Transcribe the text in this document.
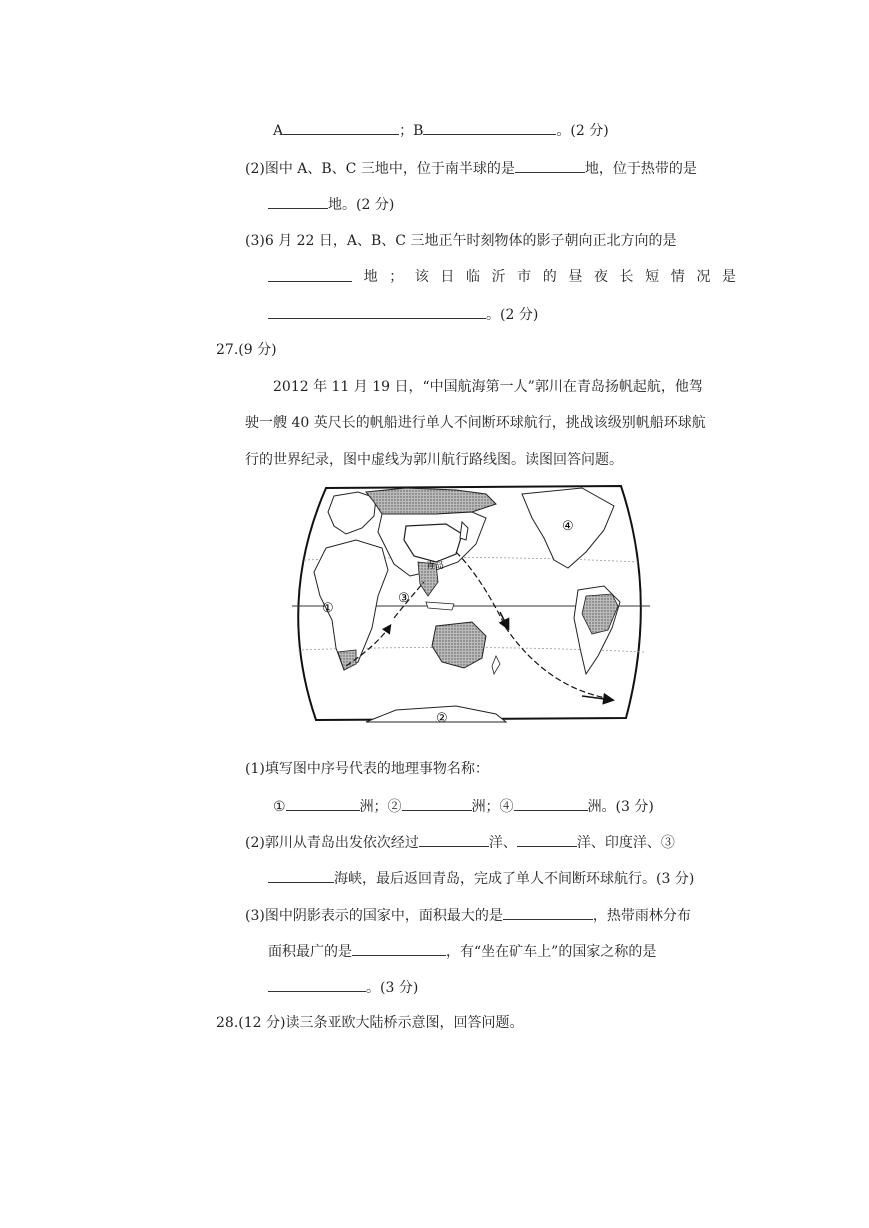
A	；B	。(2 分)
(2)图中 A、B、C 三地中，位于南半球的是	地，位于热带的是
地。(2 分)
(3)6 月 22 日，A、B、C 三地正午时刻物体的影子朝向正北方向的是
地 ； 该 日 临 沂 市 的 昼 夜 长 短 情 况 是
。(2 分)
27.(9 分)
2012 年 11 月 19 日，“中国航海第一人”郭川在青岛扬帆起航，他驾
驶一艘 40 英尺长的帆船进行单人不间断环球航行，挑战该级别帆船环球航
行的世界纪录，图中虚线为郭川航行路线图。读图回答问题。
青岛
①
②
③
④
(1)填写图中序号代表的地理事物名称：
①	洲；②	洲；④	洲。(3 分)
(2)郭川从青岛出发依次经过	洋、	洋、印度洋、③
海峡，最后返回青岛，完成了单人不间断环球航行。(3 分)
(3)图中阴影表示的国家中，面积最大的是	，热带雨林分布
面积最广的是	，有“坐在矿车上”的国家之称的是
。(3 分)
28.(12 分)读三条亚欧大陆桥示意图，回答问题。
